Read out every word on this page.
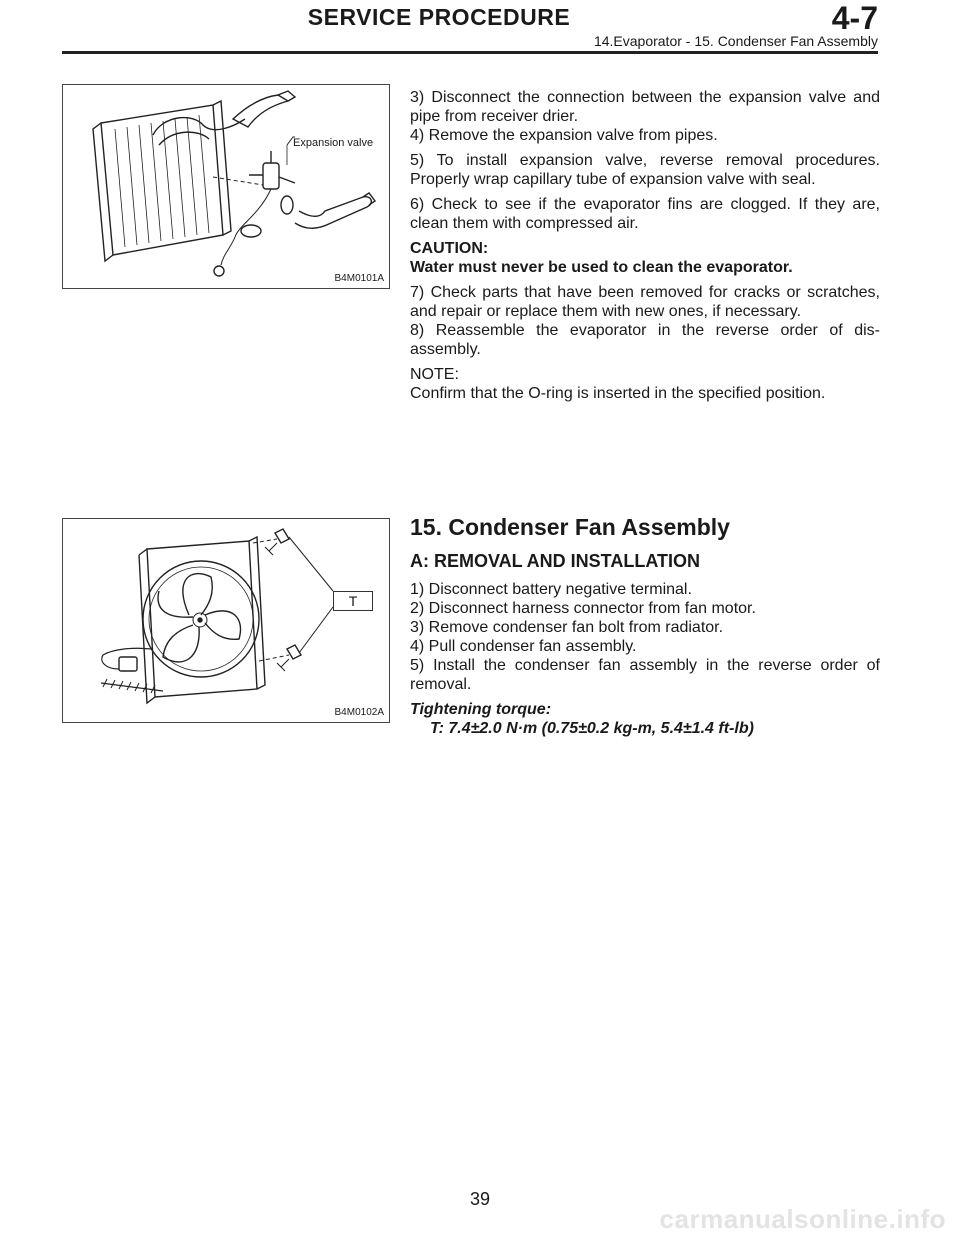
SERVICE PROCEDURE	4-7
14.Evaporator - 15. Condenser Fan Assembly
Expansion valve
B4M0101A
T
B4M0102A

3) Disconnect the connection between the expansion valve and pipe from receiver drier.

4) Remove the expansion valve from pipes.

5) To install expansion valve, reverse removal procedures. Properly wrap capillary tube of expansion valve with seal.

6) Check to see if the evaporator fins are clogged. If they are, clean them with compressed air.

CAUTION:

Water must never be used to clean the evaporator.

7) Check parts that have been removed for cracks or scratches, and repair or replace them with new ones, if necessary.

8) Reassemble the evaporator in the reverse order of dis-assembly.

NOTE:

Confirm that the O-ring is inserted in the specified position.

15. Condenser Fan Assembly
A: REMOVAL AND INSTALLATION

1) Disconnect battery negative terminal.

2) Disconnect harness connector from fan motor.

3) Remove condenser fan bolt from radiator.

4) Pull condenser fan assembly.

5) Install the condenser fan assembly in the reverse order of removal.

Tightening torque:

T: 7.4±2.0 N·m (0.75±0.2 kg-m, 5.4±1.4 ft-lb)

39
carmanualsonline.info
